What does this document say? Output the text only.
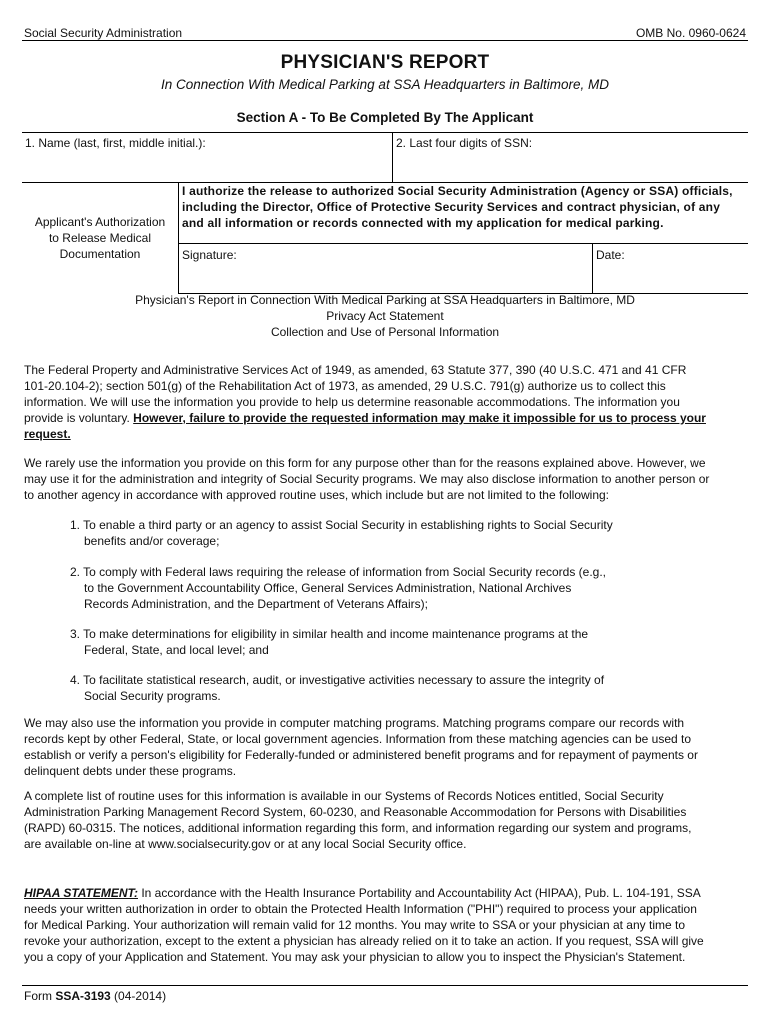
Social Security Administration	OMB No. 0960-0624
PHYSICIAN'S REPORT
In Connection With Medical Parking at SSA Headquarters in Baltimore, MD
Section A - To Be Completed By The Applicant
1. Name (last, first, middle initial.):	2. Last four digits of SSN:
Applicant's Authorization
to Release Medical
Documentation
I authorize the release to authorized Social Security Administration (Agency or SSA) officials,
including the Director, Office of Protective Security Services and contract physician, of any
and all information or records connected with my application for medical parking.
Signature:	Date:
Physician's Report in Connection With Medical Parking at SSA Headquarters in Baltimore, MD
Privacy Act Statement
Collection and Use of Personal Information

The Federal Property and Administrative Services Act of 1949, as amended, 63 Statute 377, 390 (40 U.S.C. 471 and 41 CFR

101-20.104-2); section 501(g) of the Rehabilitation Act of 1973, as amended, 29 U.S.C. 791(g) authorize us to collect this

information. We will use the information you provide to help us determine reasonable accommodations. The information you

provide is voluntary. However, failure to provide the requested information may make it impossible for us to process your

request.

We rarely use the information you provide on this form for any purpose other than for the reasons explained above. However, we

may use it for the administration and integrity of Social Security programs. We may also disclose information to another person or

to another agency in accordance with approved routine uses, which include but are not limited to the following:

1. To enable a third party or an agency to assist Social Security in establishing rights to Social Security
benefits and/or coverage;
2. To comply with Federal laws requiring the release of information from Social Security records (e.g.,
to the Government Accountability Office, General Services Administration, National Archives
Records Administration, and the Department of Veterans Affairs);
3. To make determinations for eligibility in similar health and income maintenance programs at the
Federal, State, and local level; and
4. To facilitate statistical research, audit, or investigative activities necessary to assure the integrity of
Social Security programs.

We may also use the information you provide in computer matching programs. Matching programs compare our records with

records kept by other Federal, State, or local government agencies. Information from these matching agencies can be used to

establish or verify a person's eligibility for Federally-funded or administered benefit programs and for repayment of payments or

delinquent debts under these programs.

A complete list of routine uses for this information is available in our Systems of Records Notices entitled, Social Security

Administration Parking Management Record System, 60-0230, and Reasonable Accommodation for Persons with Disabilities

(RAPD) 60-0315. The notices, additional information regarding this form, and information regarding our system and programs,

are available on-line at www.socialsecurity.gov or at any local Social Security office.

HIPAA STATEMENT: In accordance with the Health Insurance Portability and Accountability Act (HIPAA), Pub. L. 104-191, SSA

needs your written authorization in order to obtain the Protected Health Information ("PHI") required to process your application

for Medical Parking. Your authorization will remain valid for 12 months. You may write to SSA or your physician at any time to

revoke your authorization, except to the extent a physician has already relied on it to take an action. If you request, SSA will give

you a copy of your Application and Statement. You may ask your physician to allow you to inspect the Physician's Statement.

Form SSA-3193 (04-2014)
